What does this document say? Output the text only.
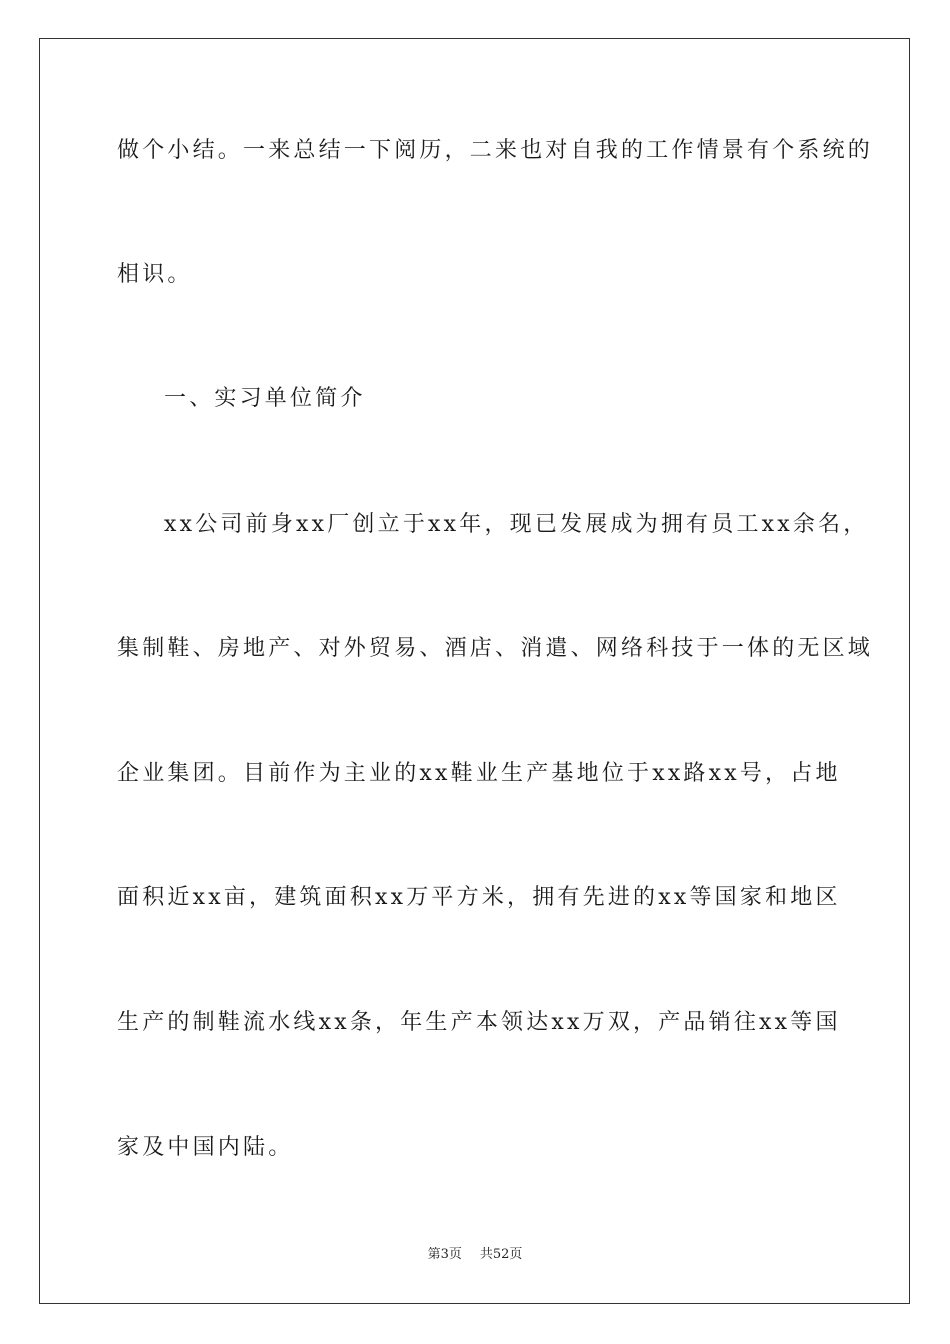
做个小结。一来总结一下阅历，二来也对自我的工作情景有个系统的
相识。
一、实习单位简介
xx公司前身xx厂创立于xx年，现已发展成为拥有员工xx余名，
集制鞋、房地产、对外贸易、酒店、消遣、网络科技于一体的无区域
企业集团。目前作为主业的xx鞋业生产基地位于xx路xx号，占地
面积近xx亩，建筑面积xx万平方米，拥有先进的xx等国家和地区
生产的制鞋流水线xx条，年生产本领达xx万双，产品销往xx等国
家及中国内陆。
第3页 共52页
